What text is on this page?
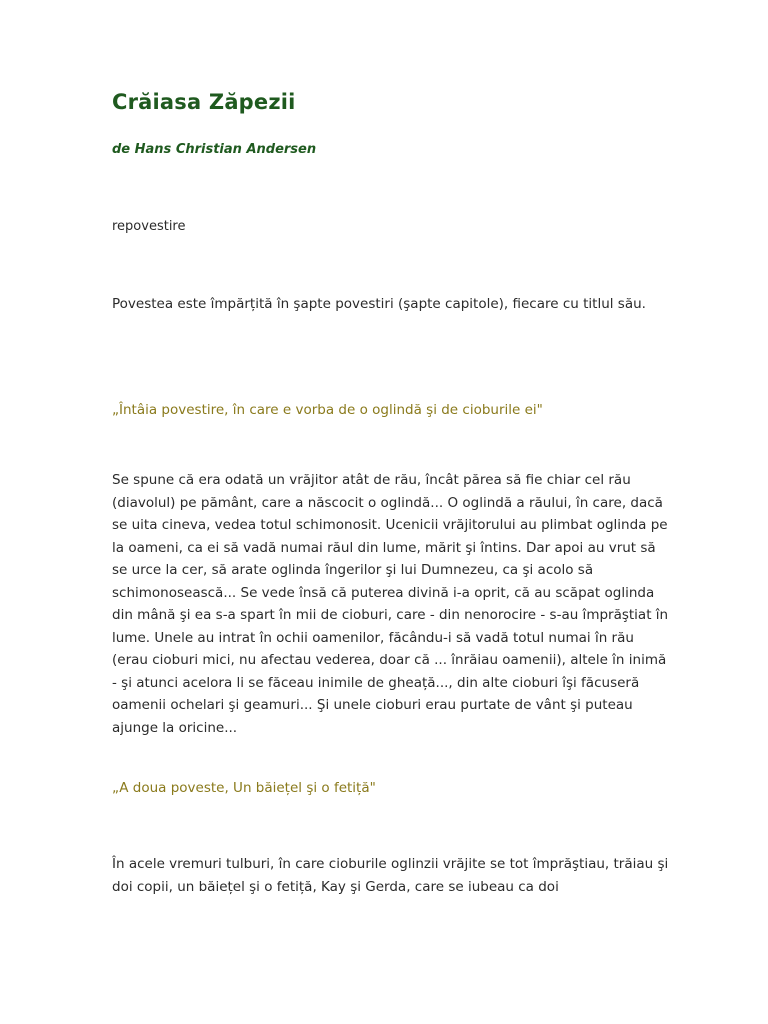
Crăiasa Zăpezii

de Hans Christian Andersen

repovestire

Povestea este împărțită în şapte povestiri (şapte capitole), fiecare cu titlul său.

„Întâia povestire, în care e vorba de o oglindă şi de cioburile ei"

Se spune că era odată un vrăjitor atât de rău, încât părea să fie chiar cel rău (diavolul) pe pământ, care a născocit o oglindă... O oglindă a răului, în care, dacă se uita cineva, vedea totul schimonosit. Ucenicii vrăjitorului au plimbat oglinda pe la oameni, ca ei să vadă numai răul din lume, mărit şi întins. Dar apoi au vrut să se urce la cer, să arate oglinda îngerilor şi lui Dumnezeu, ca şi acolo să schimonosească... Se vede însă că puterea divină i-a oprit, că au scăpat oglinda din mână şi ea s-a spart în mii de cioburi, care - din nenorocire - s-au împrăştiat în lume. Unele au intrat în ochii oamenilor, făcându-i să vadă totul numai în rău (erau cioburi mici, nu afectau vederea, doar că ... înrăiau oamenii), altele în inimă - şi atunci acelora li se făceau inimile de gheață..., din alte cioburi îşi făcuseră oamenii ochelari şi geamuri... Şi unele cioburi erau purtate de vânt şi puteau ajunge la oricine...

„A doua poveste, Un băiețel şi o fetiță"

În acele vremuri tulburi, în care cioburile oglinzii vrăjite se tot împrăştiau, trăiau şi doi copii, un băiețel şi o fetiță, Kay şi Gerda, care se iubeau ca doi
